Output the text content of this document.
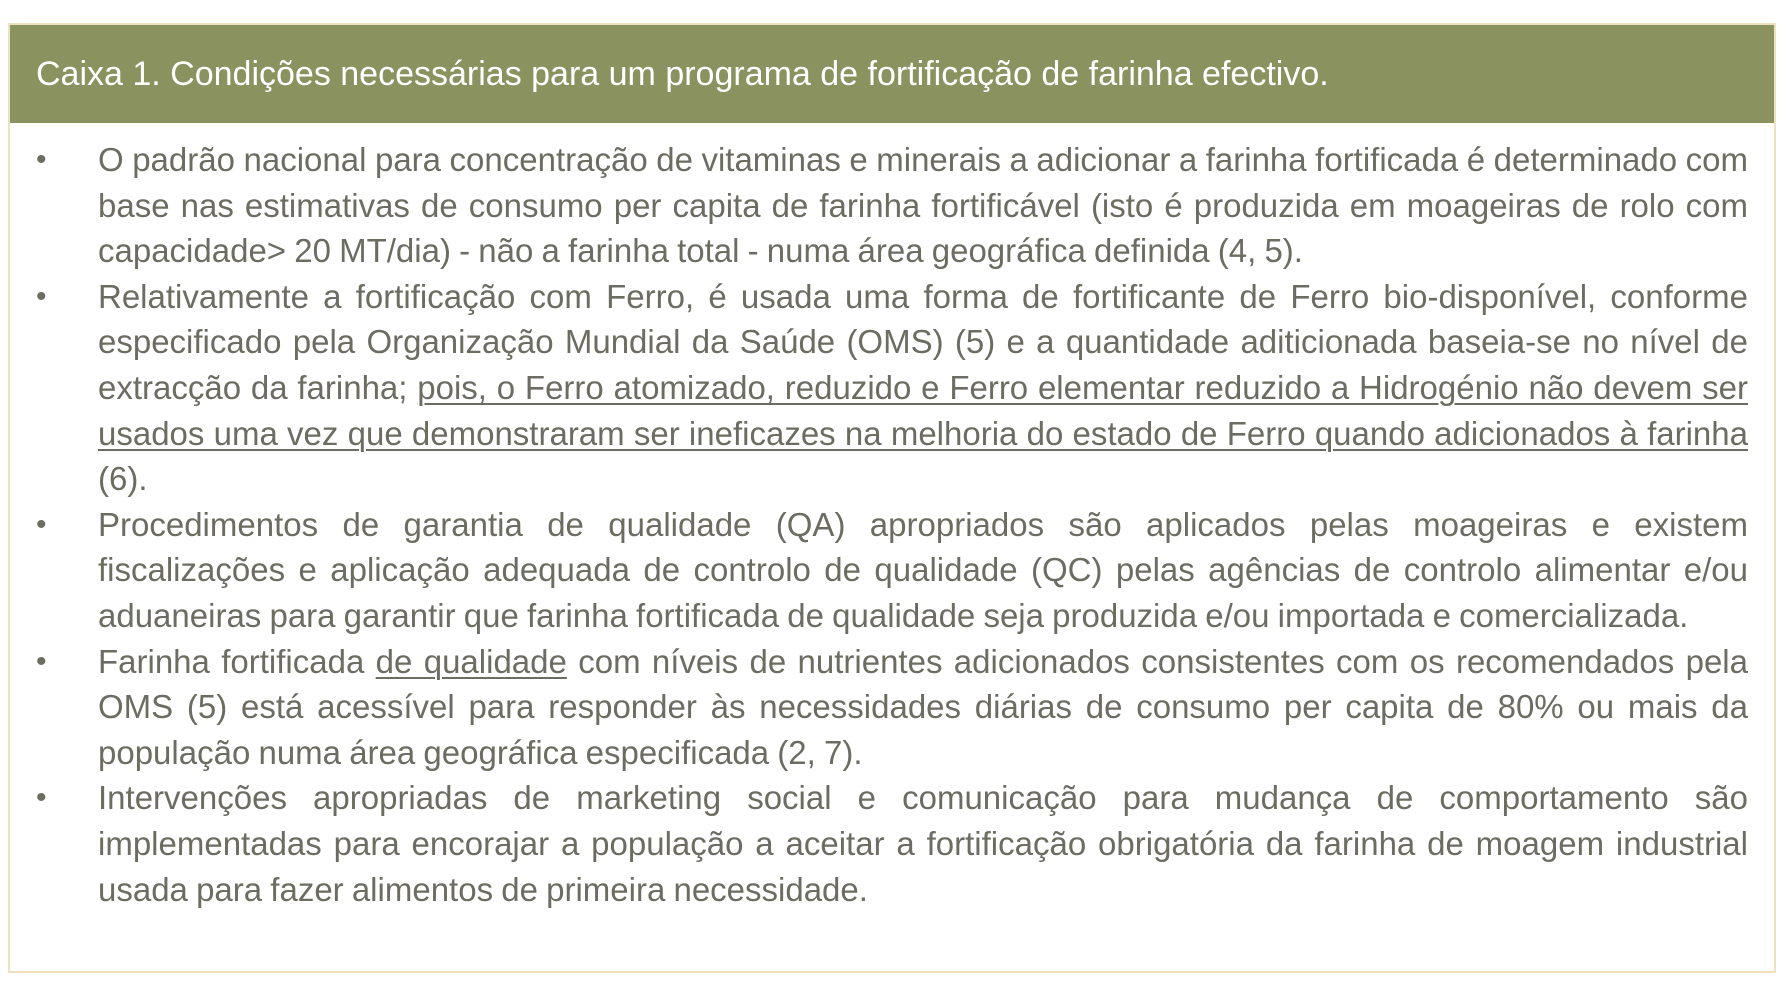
Caixa 1. Condições necessárias para um programa de fortificação de farinha efectivo.
•	O padrão nacional para concentração de vitaminas e minerais a adicionar a farinha fortificada é determinado com base nas estimativas de consumo per capita de farinha fortificável (isto é produzida em moageiras de rolo com capacidade> 20 MT/dia) - não a farinha total - numa área geográfica definida (4, 5).
•	Relativamente a fortificação com Ferro, é usada uma forma de fortificante de Ferro bio-disponível, conforme especificado pela Organização Mundial da Saúde (OMS) (5) e a quantidade aditicionada baseia-se no nível de extracção da farinha; pois, o Ferro atomizado, reduzido e Ferro elementar reduzido a Hidrogénio não devem ser usados uma vez que demonstraram ser ineficazes na melhoria do estado de Ferro quando adicionados à farinha (6).
•	Procedimentos de garantia de qualidade (QA) apropriados são aplicados pelas moageiras e existem fiscalizações e aplicação adequada de controlo de qualidade (QC) pelas agências de controlo alimentar e/ou aduaneiras para garantir que farinha fortificada de qualidade seja produzida e/ou importada e comercializada.
•	Farinha fortificada de qualidade com níveis de nutrientes adicionados consistentes com os recomendados pela OMS (5) está acessível para responder às necessidades diárias de consumo per capita de 80% ou mais da população numa área geográfica especificada (2, 7).
•	Intervenções apropriadas de marketing social e comunicação para mudança de comportamento são implementadas para encorajar a população a aceitar a fortificação obrigatória da farinha de moagem industrial usada para fazer alimentos de primeira necessidade.
